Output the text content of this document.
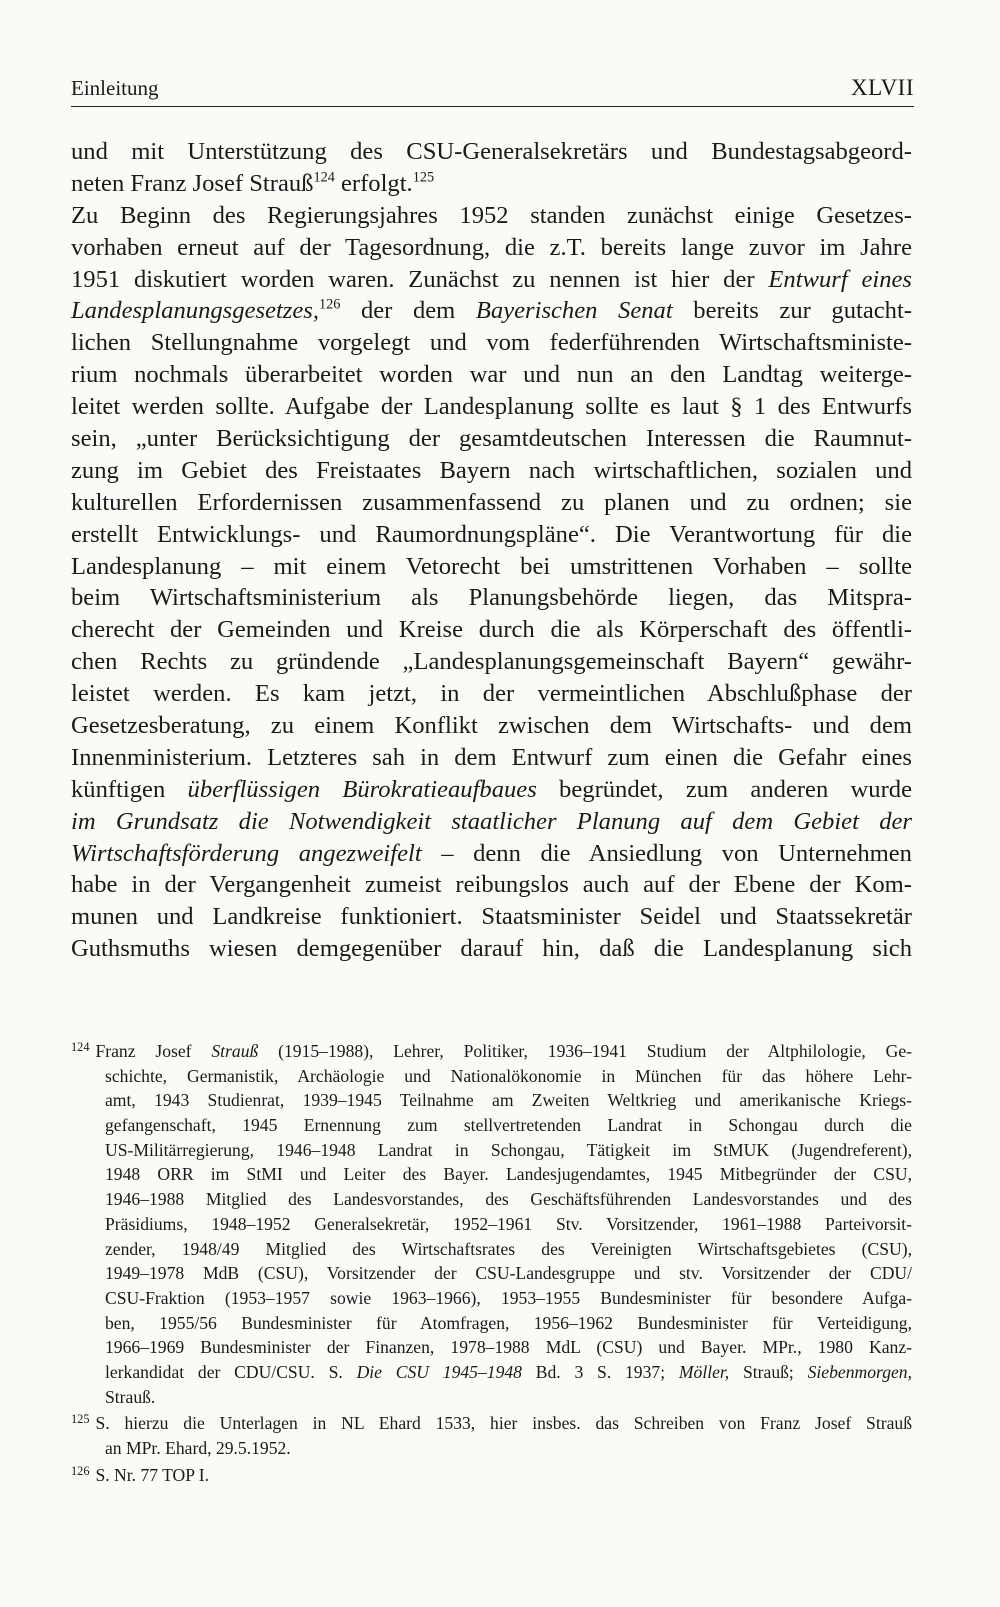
Einleitung	XLVII
und mit Unterstützung des CSU-Generalsekretärs und Bundestagsabgeord-
neten Franz Josef Strauß$^{124}$ erfolgt.$^{125}$
Zu Beginn des Regierungsjahres 1952 standen zunächst einige Gesetzes-
vorhaben erneut auf der Tagesordnung, die z.T. bereits lange zuvor im Jahre
1951 diskutiert worden waren. Zunächst zu nennen ist hier der Entwurf eines
Landesplanungsgesetzes,$^{126}$ der dem Bayerischen Senat bereits zur gutacht-
lichen Stellungnahme vorgelegt und vom federführenden Wirtschaftsministe-
rium nochmals überarbeitet worden war und nun an den Landtag weiterge-
leitet werden sollte. Aufgabe der Landesplanung sollte es laut § 1 des Entwurfs
sein, „unter Berücksichtigung der gesamtdeutschen Interessen die Raumnut-
zung im Gebiet des Freistaates Bayern nach wirtschaftlichen, sozialen und
kulturellen Erfordernissen zusammenfassend zu planen und zu ordnen; sie
erstellt Entwicklungs- und Raumordnungspläne“. Die Verantwortung für die
Landesplanung – mit einem Vetorecht bei umstrittenen Vorhaben – sollte
beim Wirtschaftsministerium als Planungsbehörde liegen, das Mitspra-
cherecht der Gemeinden und Kreise durch die als Körperschaft des öffentli-
chen Rechts zu gründende „Landesplanungsgemeinschaft Bayern“ gewähr-
leistet werden. Es kam jetzt, in der vermeintlichen Abschlußphase der
Gesetzesberatung, zu einem Konflikt zwischen dem Wirtschafts- und dem
Innenministerium. Letzteres sah in dem Entwurf zum einen die Gefahr eines
künftigen überflüssigen Bürokratieaufbaues begründet, zum anderen wurde
im Grundsatz die Notwendigkeit staatlicher Planung auf dem Gebiet der
Wirtschaftsförderung angezweifelt – denn die Ansiedlung von Unternehmen
habe in der Vergangenheit zumeist reibungslos auch auf der Ebene der Kom-
munen und Landkreise funktioniert. Staatsminister Seidel und Staatssekretär
Guthsmuths wiesen demgegenüber darauf hin, daß die Landesplanung sich
$^{124}$ Franz Josef Strauß (1915–1988), Lehrer, Politiker, 1936–1941 Studium der Altphilologie, Ge-
schichte, Germanistik, Archäologie und Nationalökonomie in München für das höhere Lehr-
amt, 1943 Studienrat, 1939–1945 Teilnahme am Zweiten Weltkrieg und amerikanische Kriegs-
gefangenschaft, 1945 Ernennung zum stellvertretenden Landrat in Schongau durch die
US-Militärregierung, 1946–1948 Landrat in Schongau, Tätigkeit im StMUK (Jugendreferent),
1948 ORR im StMI und Leiter des Bayer. Landesjugendamtes, 1945 Mitbegründer der CSU,
1946–1988 Mitglied des Landesvorstandes, des Geschäftsführenden Landesvorstandes und des
Präsidiums, 1948–1952 Generalsekretär, 1952–1961 Stv. Vorsitzender, 1961–1988 Parteivorsit-
zender, 1948/49 Mitglied des Wirtschaftsrates des Vereinigten Wirtschaftsgebietes (CSU),
1949–1978 MdB (CSU), Vorsitzender der CSU-Landesgruppe und stv. Vorsitzender der CDU/
CSU-Fraktion (1953–1957 sowie 1963–1966), 1953–1955 Bundesminister für besondere Aufga-
ben, 1955/56 Bundesminister für Atomfragen, 1956–1962 Bundesminister für Verteidigung,
1966–1969 Bundesminister der Finanzen, 1978–1988 MdL (CSU) und Bayer. MPr., 1980 Kanz-
lerkandidat der CDU/CSU. S. Die CSU 1945–1948 Bd. 3 S. 1937; Möller, Strauß; Siebenmorgen,
Strauß.
$^{125}$ S. hierzu die Unterlagen in NL Ehard 1533, hier insbes. das Schreiben von Franz Josef Strauß
an MPr. Ehard, 29.5.1952.
$^{126}$ S. Nr. 77 TOP I.
